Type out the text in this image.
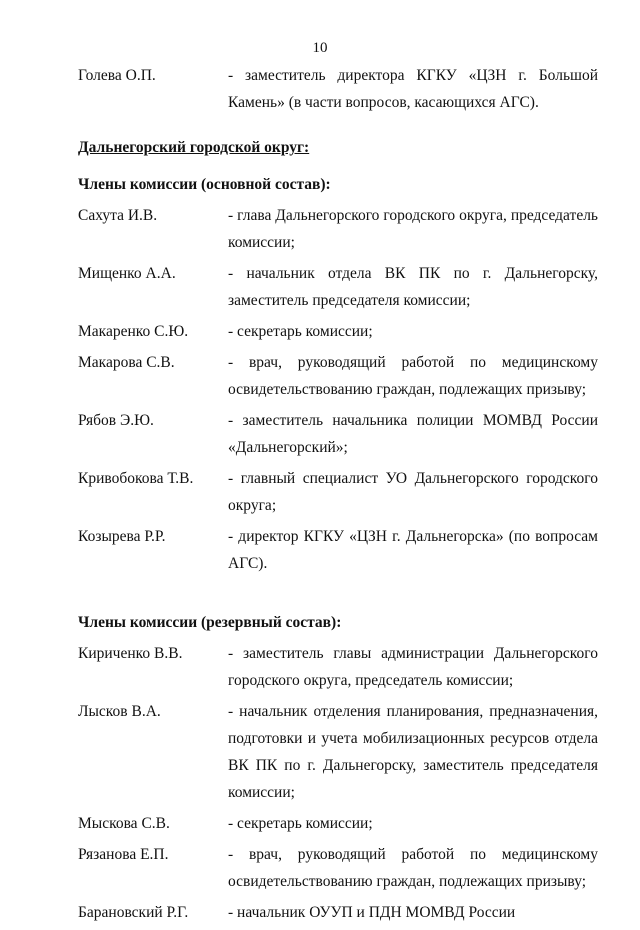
10
Голева О.П.	- заместитель директора КГКУ «ЦЗН г. Большой Камень» (в части вопросов, касающихся АГС).
Дальнегорский городской округ:
Члены комиссии (основной состав):
Сахута И.В.	- глава Дальнегорского городского округа, председатель комиссии;
Мищенко А.А.	- начальник отдела ВК ПК по г. Дальнегорску, заместитель председателя комиссии;
Макаренко С.Ю.	- секретарь комиссии;
Макарова С.В.	- врач, руководящий работой по медицинскому освидетельствованию граждан, подлежащих призыву;
Рябов Э.Ю.	- заместитель начальника полиции МОМВД России «Дальнегорский»;
Кривобокова Т.В.	- главный специалист УО Дальнегорского городского округа;
Козырева Р.Р.	- директор КГКУ «ЦЗН г. Дальнегорска» (по вопросам АГС).
Члены комиссии (резервный состав):
Кириченко В.В.	- заместитель главы администрации Дальнегорского городского округа, председатель комиссии;
Лысков В.А.	- начальник отделения планирования, предназначения, подготовки и учета мобилизационных ресурсов отдела ВК ПК по г. Дальнегорску, заместитель председателя комиссии;
Мыскова С.В.	- секретарь комиссии;
Рязанова Е.П.	- врач, руководящий работой по медицинскому освидетельствованию граждан, подлежащих призыву;
Барановский Р.Г.	- начальник ОУУП и ПДН МОМВД России
